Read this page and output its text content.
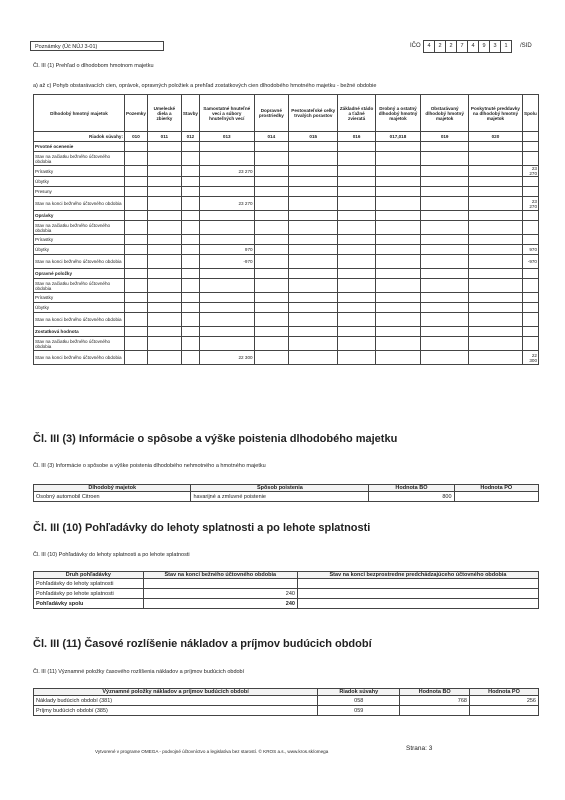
Poznámky (Úč NÚJ 3-01)	IČO	4	2	2	7	4	9	3	1	/SID
Čl. III (1) Prehľad o dlhodobom hmotnom majetku
a) až c) Pohyb obstarávacích cien, oprávok, opravných položiek a prehľad zostatkových cien dlhodobého hmotného majetku - bežné obdobie
Dlhodobý hmotný majetok	Pozemky	Umelecké diela a zbierky	Stavby	Samostatné hnuteľné veci a súbory hnuteľných vecí	Dopravné prostriedky	Pestovateľské celky trvalých porastov	Základné stádo a ťažné zvieratá	Drobný a ostatný dlhodobý hmotný majetok	Obstarávaný dlhodobý hmotný majetok	Poskytnuté preddavky na dlhodobý hmotný majetok	Spolu
Riadok súvahy:	010	011	012	013	014	015	016	017,018	019	020	
Prvotné ocenenie											
Stav na začiatku bežného účtovného obdobia											
Prírastky				23 270							23 270
Úbytky											
Presuny											
Stav na konci bežného účtovného obdobia				23 270							23 270
Oprávky											
Stav na začiatku bežného účtovného obdobia											
Prírastky											
Úbytky				970							970
Stav na konci bežného účtovného obdobia				-970							-970
Opravné položky											
Stav na začiatku bežného účtovného obdobia											
Prírastky											
Úbytky											
Stav na konci bežného účtovného obdobia											
Zostatková hodnota											
Stav na začiatku bežného účtovného obdobia											
Stav na konci bežného účtovného obdobia				22 300							22 300
Čl. III (3) Informácie o spôsobe a výške poistenia dlhodobého majetku
Čl. III (3) Informácie o spôsobe a výške poistenia dlhodobého nehmotného a hmotného majetku
Dlhodobý majetok	Spôsob poistenia	Hodnota BO	Hodnota PO
Osobný automobil Citroen	havarijné a zmluvné poistenie	800	
Čl. III (10) Pohľadávky do lehoty splatnosti a po lehote splatnosti
Čl. III (10) Pohľadávky do lehoty splatnosti a po lehote splatnosti
Druh pohľadávky	Stav na konci bežného účtovného obdobia	Stav na konci bezprostredne predchádzajúceho účtovného obdobia
Pohľadávky do lehoty splatnosti		
Pohľadávky po lehote splatnosti	240	
Pohľadávky spolu	240	
Čl. III (11) Časové rozlíšenie nákladov a príjmov budúcich období
Čl. III (11) Významné položky časového rozlíšenia nákladov a príjmov budúcich období
Významné položky nákladov a príjmov budúcich období	Riadok súvahy	Hodnota BO	Hodnota PO
Náklady budúcich období (381)	058	768	256
Príjmy budúcich období (385)	059		
Vytvorené v programe OMEGA - podvojné účtovníctvo a legislatíva bez starostí. © KROS a.s., www.kros.sk/omega	Strana: 3
